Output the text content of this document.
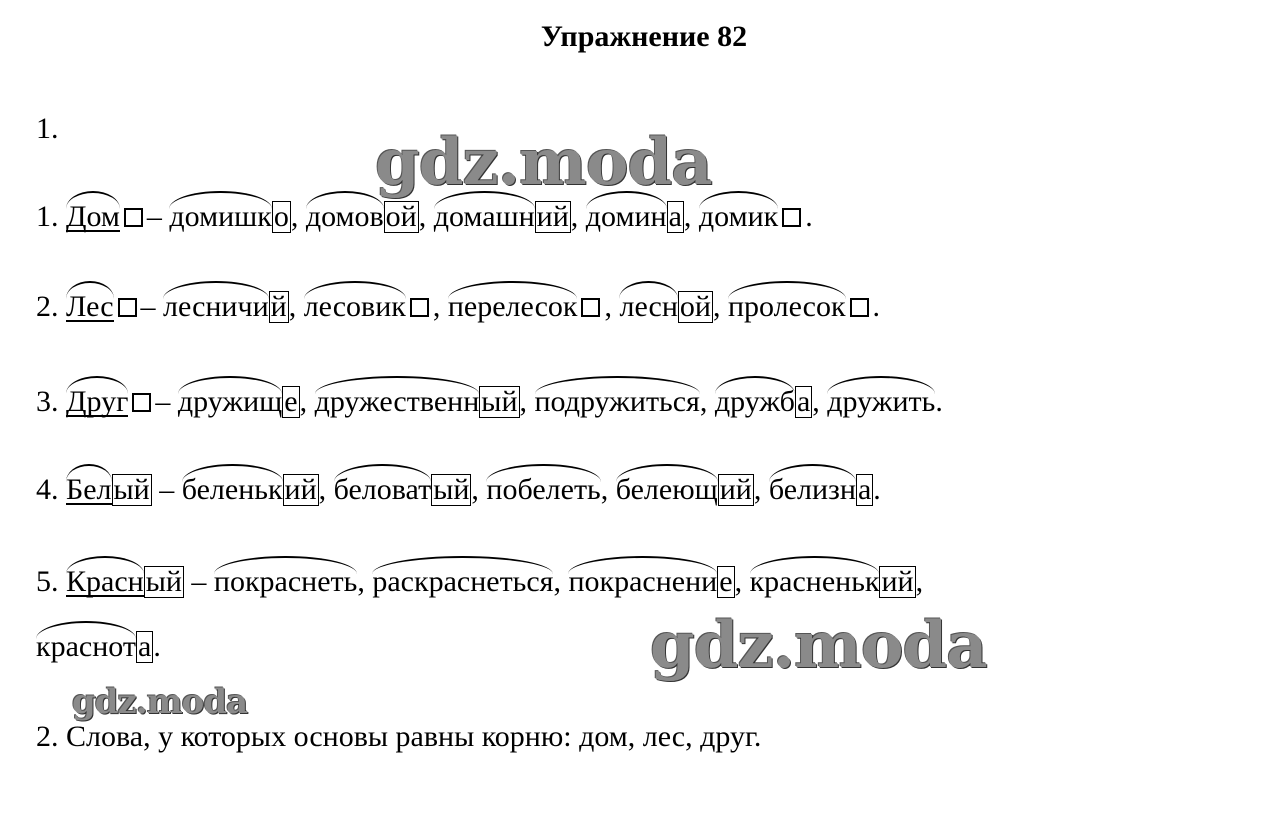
Упражнение 82
1.	gdz.moda
gdz.moda
gdz.moda
1.
Дом –
домишко,
домовой,
домашний,
домина,
домик .
2.
Лес –
лесничий,
лесовик ,
перелесок ,
лесной,
пролесок .
3.
Друг –
дружище,
дружественный,
подружиться,
дружба,
дружить.
4.
Белый –
беленький,
беловатый,
побелеть,
белеющий,
белизна.
5.
Красный –
покраснеть,
раскраснеться,
покраснение,
красненький,
краснота.
2. Слова, у которых основы равны корню: дом, лес, друг.
